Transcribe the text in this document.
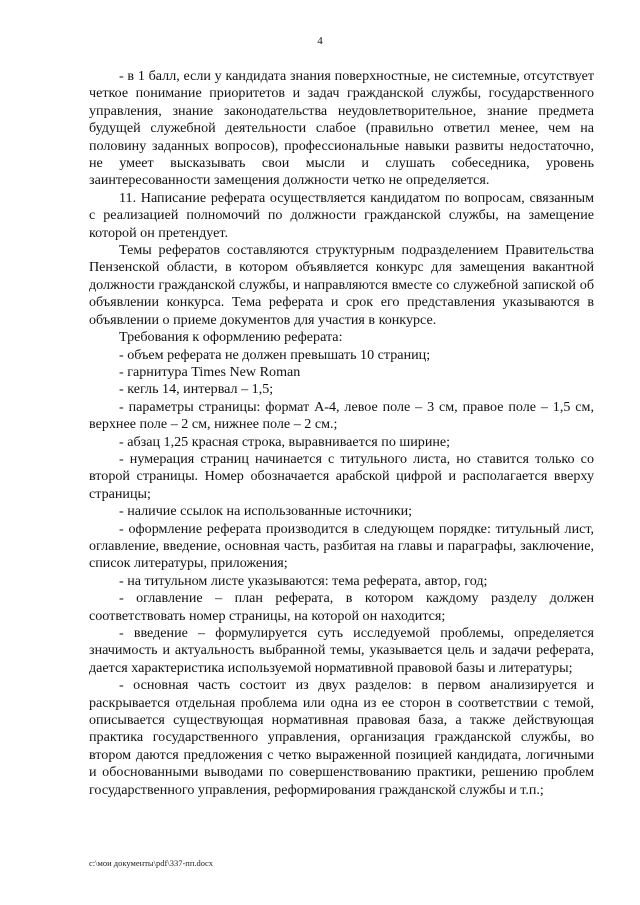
4

- в 1 балл, если у кандидата знания поверхностные, не системные, отсутствует четкое понимание приоритетов и задач гражданской службы, государственного управления, знание законодательства неудовлетворительное, знание предмета будущей служебной деятельности слабое (правильно ответил менее, чем на половину заданных вопросов), профессиональные навыки развиты недостаточно, не умеет высказывать свои мысли и слушать собеседника, уровень заинтересованности замещения должности четко не определяется.

11. Написание реферата осуществляется кандидатом по вопросам, связанным с реализацией полномочий по должности гражданской службы, на замещение которой он претендует.

Темы рефератов составляются структурным подразделением Правительства Пензенской области, в котором объявляется конкурс для замещения вакантной должности гражданской службы, и направляются вместе со служебной запиской об объявлении конкурса. Тема реферата и срок его представления указываются в объявлении о приеме документов для участия в конкурсе.

Требования к оформлению реферата:

- объем реферата не должен превышать 10 страниц;

- гарнитура Times New Roman

- кегль 14, интервал – 1,5;

- параметры страницы: формат А-4, левое поле – 3 см, правое поле – 1,5 см, верхнее поле – 2 см, нижнее поле – 2 см.;

- абзац 1,25 красная строка, выравнивается по ширине;

- нумерация страниц начинается с титульного листа, но ставится только со второй страницы. Номер обозначается арабской цифрой и располагается вверху страницы;

- наличие ссылок на использованные источники;

- оформление реферата производится в следующем порядке: титульный лист, оглавление, введение, основная часть, разбитая на главы и параграфы, заключение, список литературы, приложения;

- на титульном листе указываются: тема реферата, автор, год;

- оглавление – план реферата, в котором каждому разделу должен соответствовать номер страницы, на которой он находится;

- введение – формулируется суть исследуемой проблемы, определяется значимость и актуальность выбранной темы, указывается цель и задачи реферата, дается характеристика используемой нормативной правовой базы и литературы;

- основная часть состоит из двух разделов: в первом анализируется и раскрывается отдельная проблема или одна из ее сторон в соответствии с темой, описывается существующая нормативная правовая база, а также действующая практика государственного управления, организация гражданской службы, во втором даются предложения с четко выраженной позицией кандидата, логичными и обоснованными выводами по совершенствованию практики, решению проблем государственного управления, реформирования гражданской службы и т.п.;

c:\мои документы\pdf\337-пп.docx
